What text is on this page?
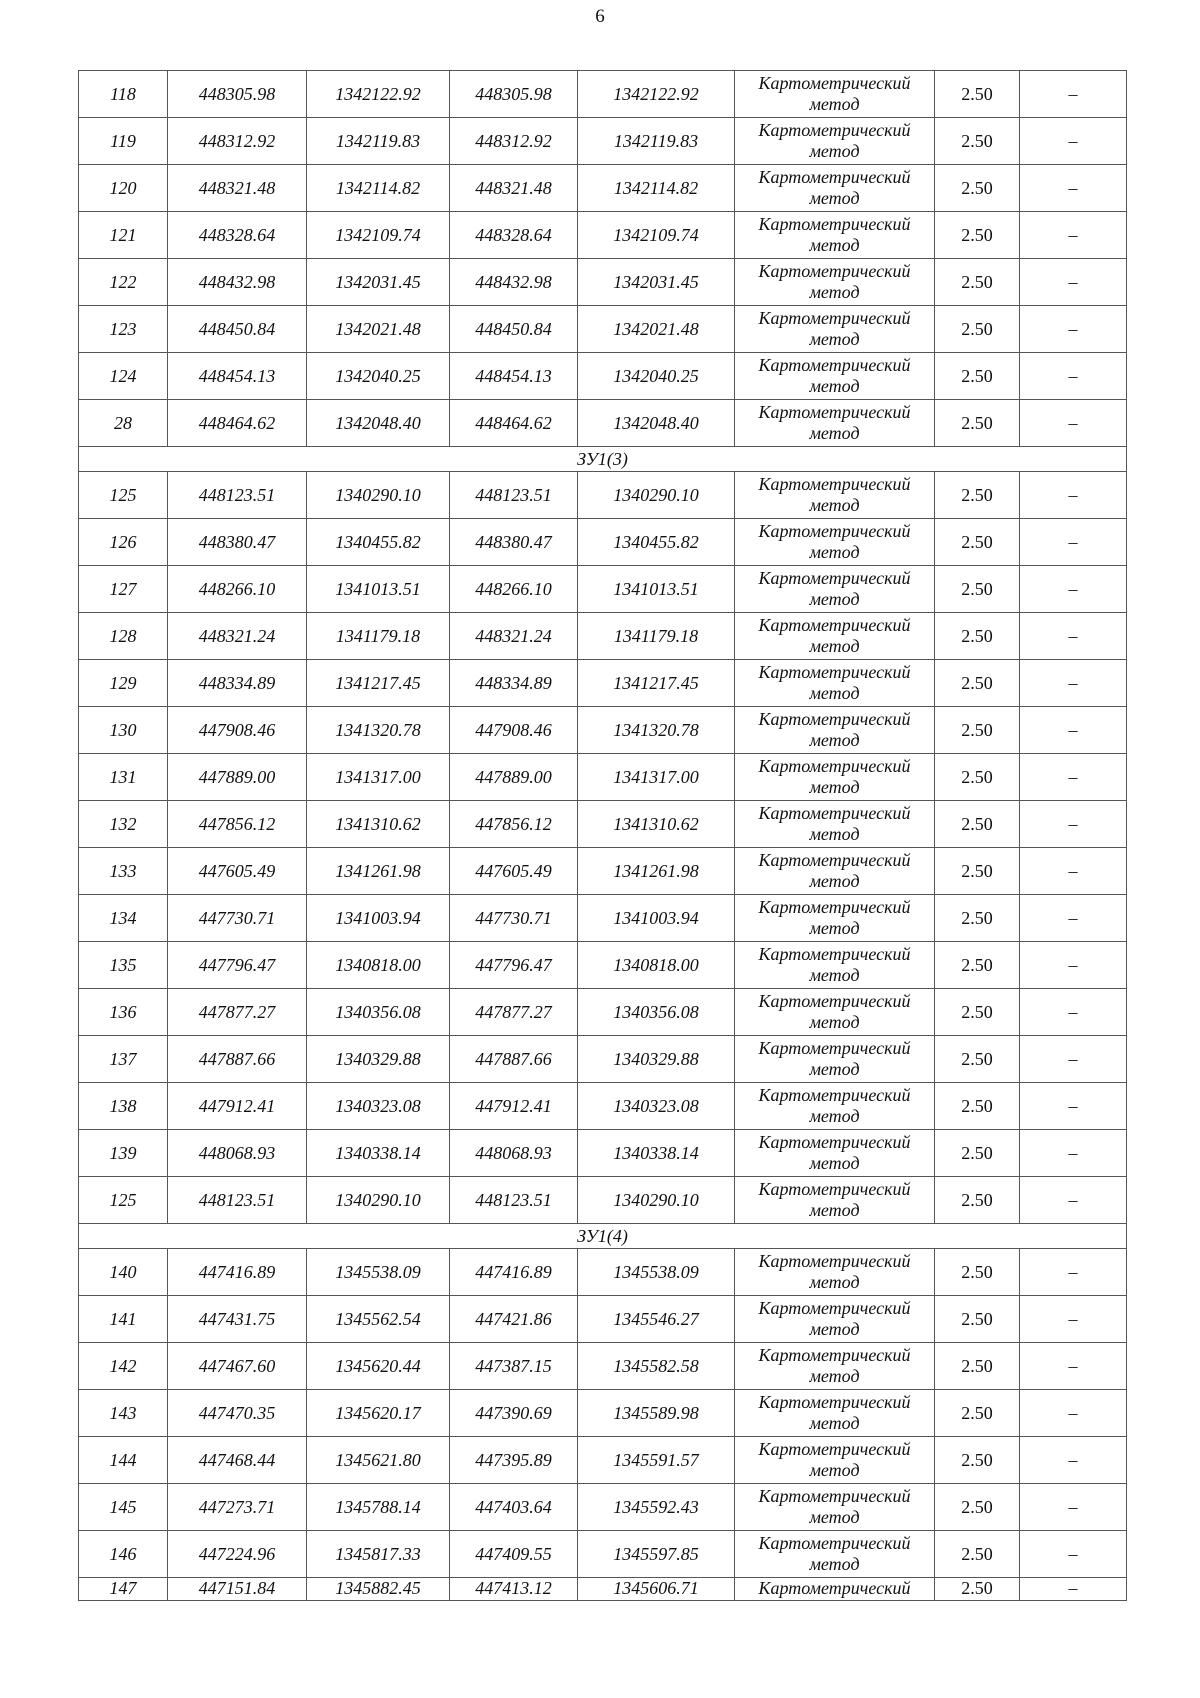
6
118	448305.98	1342122.92	448305.98	1342122.92	Картометрический
метод	2.50	–
119	448312.92	1342119.83	448312.92	1342119.83	Картометрический
метод	2.50	–
120	448321.48	1342114.82	448321.48	1342114.82	Картометрический
метод	2.50	–
121	448328.64	1342109.74	448328.64	1342109.74	Картометрический
метод	2.50	–
122	448432.98	1342031.45	448432.98	1342031.45	Картометрический
метод	2.50	–
123	448450.84	1342021.48	448450.84	1342021.48	Картометрический
метод	2.50	–
124	448454.13	1342040.25	448454.13	1342040.25	Картометрический
метод	2.50	–
28	448464.62	1342048.40	448464.62	1342048.40	Картометрический
метод	2.50	–
ЗУ1(3)							
125	448123.51	1340290.10	448123.51	1340290.10	Картометрический
метод	2.50	–
126	448380.47	1340455.82	448380.47	1340455.82	Картометрический
метод	2.50	–
127	448266.10	1341013.51	448266.10	1341013.51	Картометрический
метод	2.50	–
128	448321.24	1341179.18	448321.24	1341179.18	Картометрический
метод	2.50	–
129	448334.89	1341217.45	448334.89	1341217.45	Картометрический
метод	2.50	–
130	447908.46	1341320.78	447908.46	1341320.78	Картометрический
метод	2.50	–
131	447889.00	1341317.00	447889.00	1341317.00	Картометрический
метод	2.50	–
132	447856.12	1341310.62	447856.12	1341310.62	Картометрический
метод	2.50	–
133	447605.49	1341261.98	447605.49	1341261.98	Картометрический
метод	2.50	–
134	447730.71	1341003.94	447730.71	1341003.94	Картометрический
метод	2.50	–
135	447796.47	1340818.00	447796.47	1340818.00	Картометрический
метод	2.50	–
136	447877.27	1340356.08	447877.27	1340356.08	Картометрический
метод	2.50	–
137	447887.66	1340329.88	447887.66	1340329.88	Картометрический
метод	2.50	–
138	447912.41	1340323.08	447912.41	1340323.08	Картометрический
метод	2.50	–
139	448068.93	1340338.14	448068.93	1340338.14	Картометрический
метод	2.50	–
125	448123.51	1340290.10	448123.51	1340290.10	Картометрический
метод	2.50	–
ЗУ1(4)							
140	447416.89	1345538.09	447416.89	1345538.09	Картометрический
метод	2.50	–
141	447431.75	1345562.54	447421.86	1345546.27	Картометрический
метод	2.50	–
142	447467.60	1345620.44	447387.15	1345582.58	Картометрический
метод	2.50	–
143	447470.35	1345620.17	447390.69	1345589.98	Картометрический
метод	2.50	–
144	447468.44	1345621.80	447395.89	1345591.57	Картометрический
метод	2.50	–
145	447273.71	1345788.14	447403.64	1345592.43	Картометрический
метод	2.50	–
146	447224.96	1345817.33	447409.55	1345597.85	Картометрический
метод	2.50	–
147	447151.84	1345882.45	447413.12	1345606.71	Картометрический	2.50	–
